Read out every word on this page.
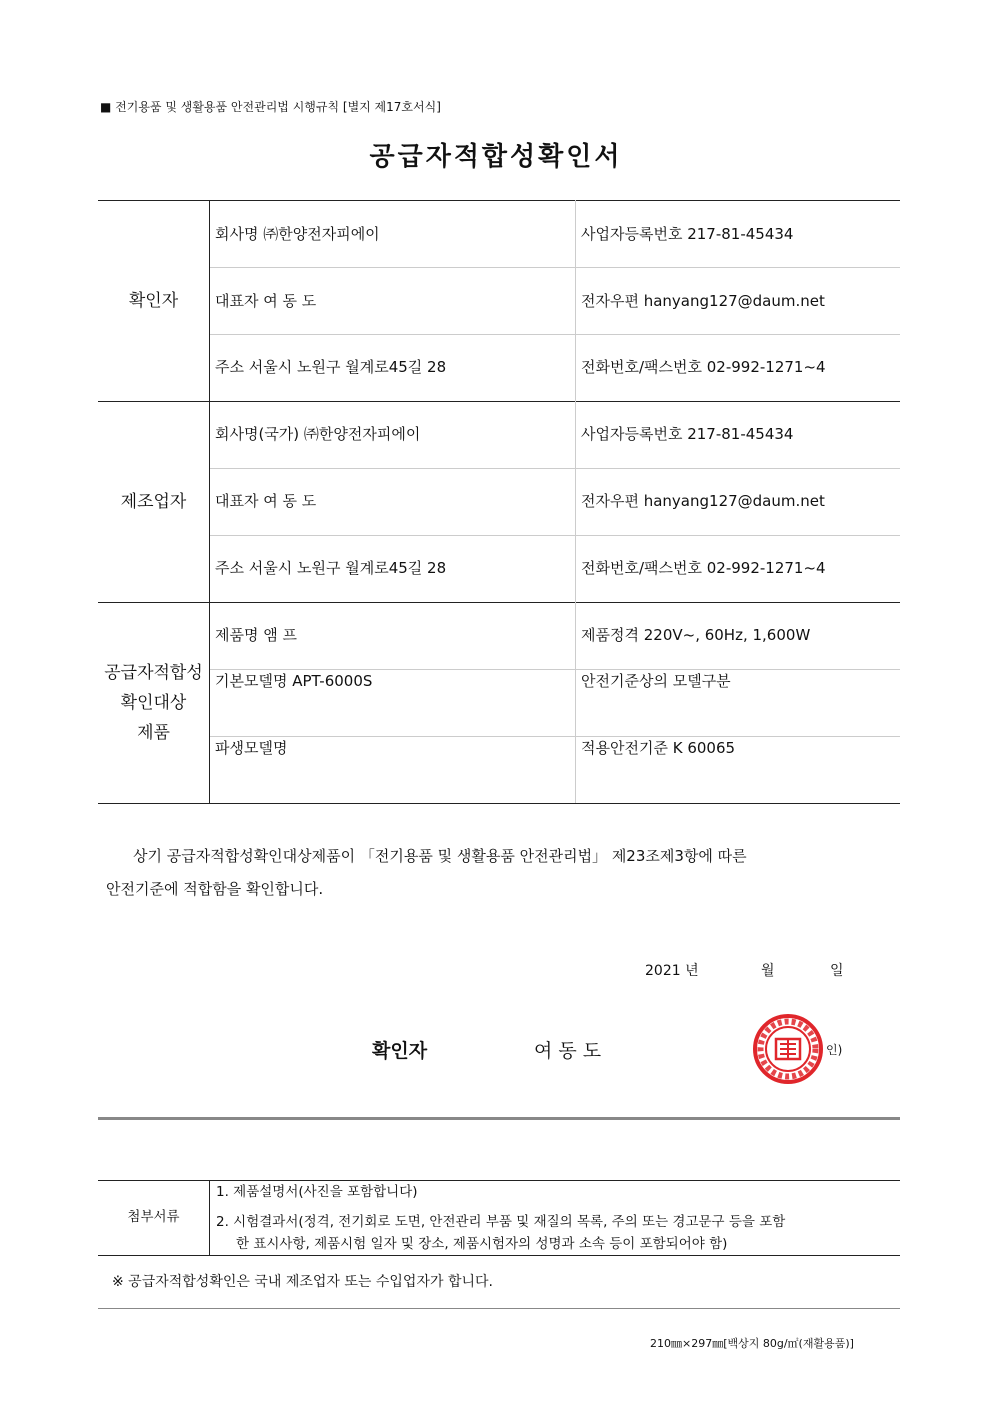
■ 전기용품 및 생활용품 안전관리법 시행규칙 [별지 제17호서식]
공급자적합성확인서
확인자
회사명 ㈜한양전자피에이	사업자등록번호 217-81-45434
대표자 여 동 도	전자우편 hanyang127@daum.net
주소 서울시 노원구 월계로45길 28	전화번호/팩스번호 02-992-1271~4
제조업자
회사명(국가) ㈜한양전자피에이	사업자등록번호 217-81-45434
대표자 여 동 도	전자우편 hanyang127@daum.net
주소 서울시 노원구 월계로45길 28	전화번호/팩스번호 02-992-1271~4
공급자적합성
확인대상
제품
제품명 앰 프	제품정격 220V~, 60Hz, 1,600W
기본모델명 APT-6000S	안전기준상의 모델구분
파생모델명	적용안전기준 K 60065
상기 공급자적합성확인대상제품이 「전기용품 및 생활용품 안전관리법」 제23조제3항에 따른
안전기준에 적합함을 확인합니다.
2021 년	월	일
확인자	여 동 도	인)
첨부서류
1. 제품설명서(사진을 포함합니다)
2. 시험결과서(정격, 전기회로 도면, 안전관리 부품 및 재질의 목록, 주의 또는 경고문구 등을 포함
한 표시사항, 제품시험 일자 및 장소, 제품시험자의 성명과 소속 등이 포함되어야 함)
※ 공급자적합성확인은 국내 제조업자 또는 수입업자가 합니다.
210㎜×297㎜[백상지 80g/㎡(재활용품)]
